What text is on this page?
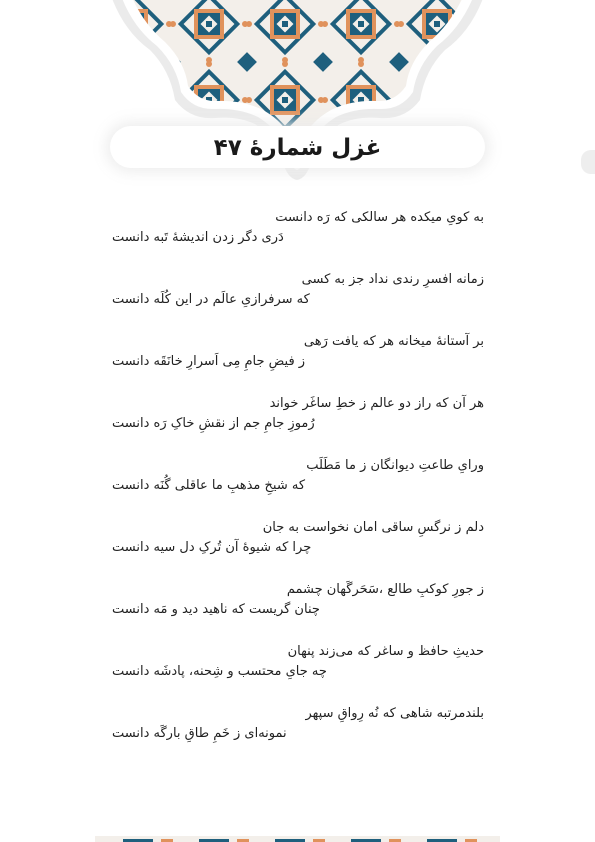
غزل شمارهٔ ۴۷
به کویِ میکده هر سالکی که رَه دانست
دَری دگر زدن اندیشهٔ تَبه دانست
زمانه افسرِ رندی نداد جز به کسی
که سرفرازیِ عالَم در این کُلَه دانست
بر آستانهٔ میخانه هر که یافت رَهی
ز فیضِ جامِ مِی اَسرارِ خانَقَه دانست
هر آن که راز دو عالم ز خطِ ساغَر خواند
رُموزِ جامِ جم از نقشِ خاکِ رَه دانست
ورایِ طاعتِ دیوانگان ز ما مَطَلَب
که شیخِ مذهبِ ما عاقلی گُنَه دانست
دلم ز نرگسِ ساقی امان نخواست به جان
چرا که شیوهٔ آن تُرکِ دل سیه دانست
ز جورِ کوکبِ طالع ،سَحَرگَهان چشمم
چنان گریست که ناهید دید و مَه دانست
حدیثِ حافظ و ساغر که می‌زند پنهان
چه جایِ محتسب و شِحنه، پادشَه دانست
بلندمرتبه شاهی که نُه رِواقِ سپهر
نمونه‌ای ز خَمِ طاقِ بارگَه دانست
